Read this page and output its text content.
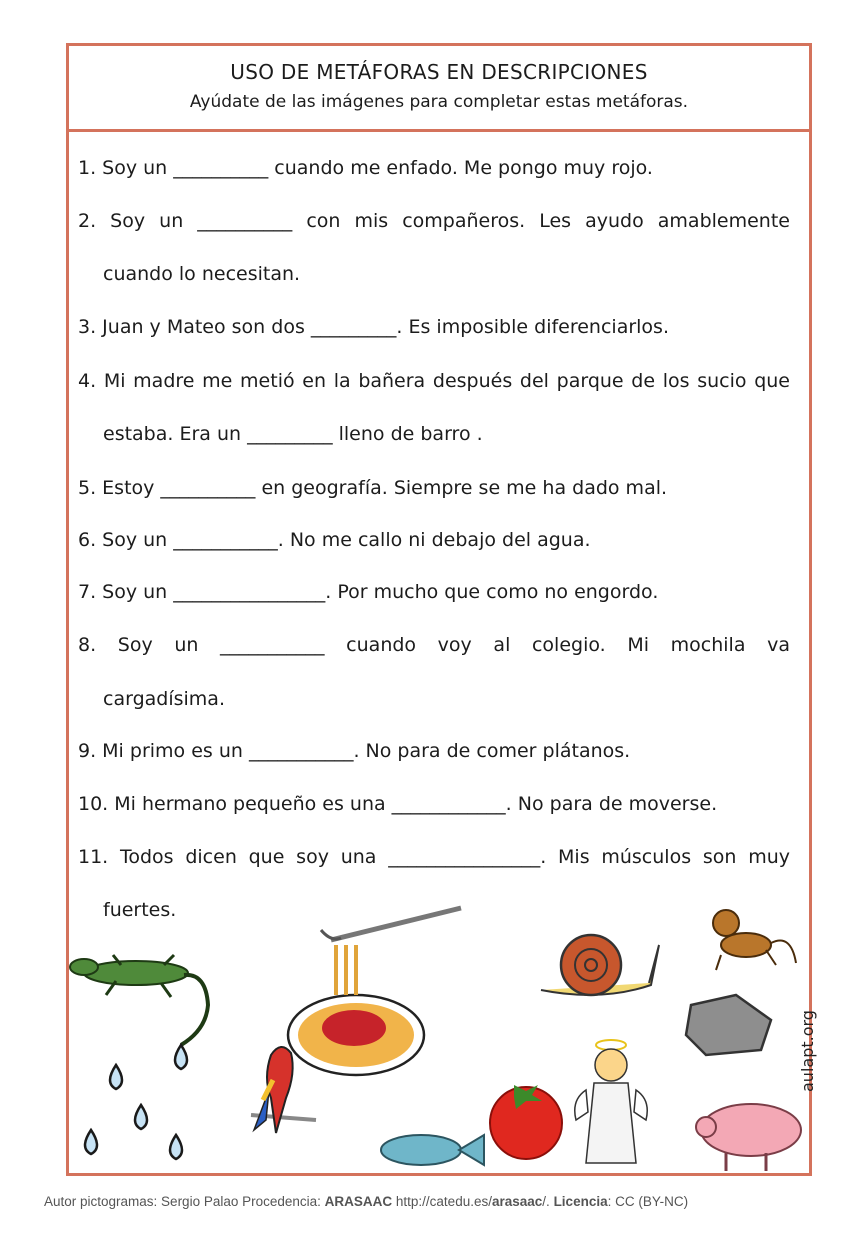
USO DE METÁFORAS EN DESCRIPCIONES
Ayúdate de las imágenes para completar estas metáforas.
1. Soy un __________ cuando me enfado. Me pongo muy rojo.
2. Soy un __________ con mis compañeros. Les ayudo amablemente
cuando lo necesitan.
3. Juan y Mateo son dos _________. Es imposible diferenciarlos.
4. Mi madre me metió en la bañera después del parque de los sucio que
estaba. Era un _________ lleno de barro .
5. Estoy __________ en geografía. Siempre se me ha dado mal.
6. Soy un ___________. No me callo ni debajo del agua.
7. Soy un ________________. Por mucho que como no engordo.
8. Soy un ___________ cuando voy al colegio. Mi mochila va
cargadísima.
9. Mi primo es un ___________. No para de comer plátanos.
10. Mi hermano pequeño es una ____________. No para de moverse.
11. Todos dicen que soy una ________________. Mis músculos son muy
fuertes.
aulapt.org
Autor pictogramas: Sergio Palao Procedencia: ARASAAC http://catedu.es/arasaac/. Licencia: CC (BY-NC)
